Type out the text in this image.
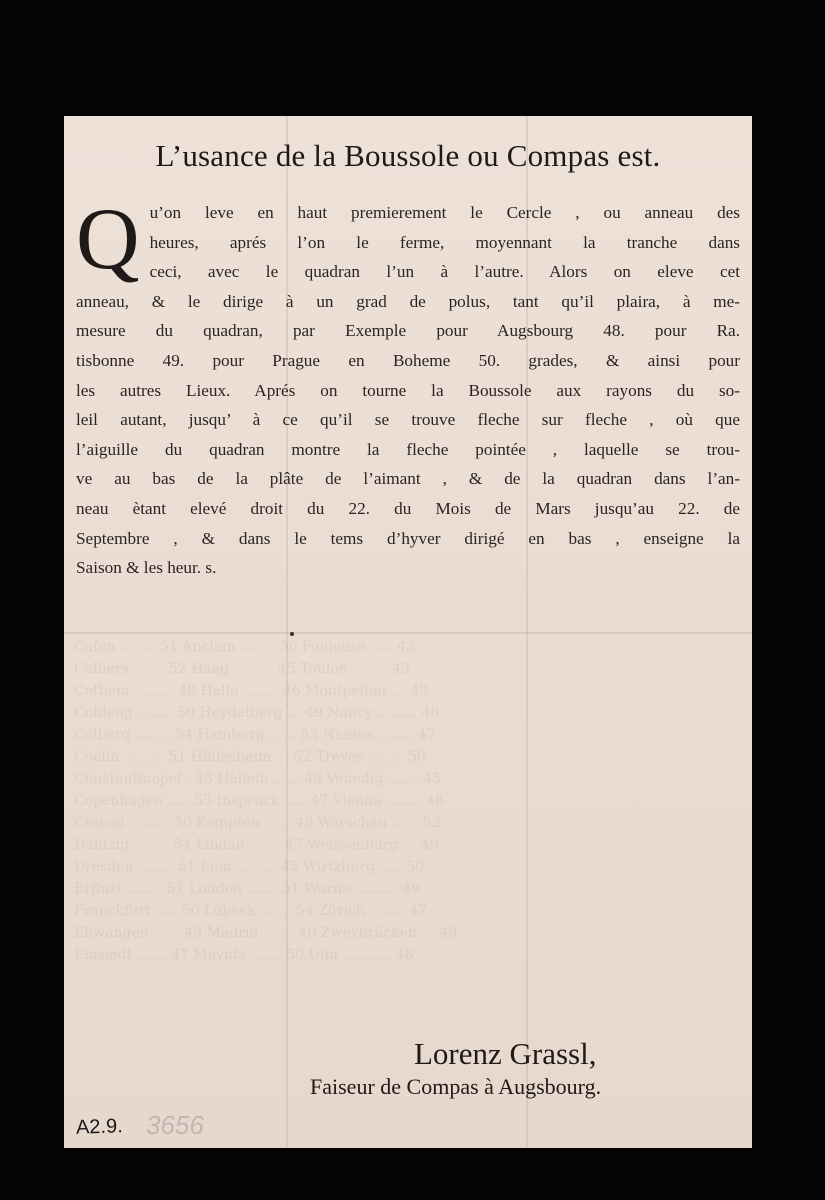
Cafen ........ 51 Anclam ........ 50 Foulouse ..... 43
Calliers ....... 52 Haag ......... 45 Toulon ........ 43
Cothem ......... 48 Halle ........ 46 Montpellier ... 43
Cobleng ........ 50 Heydelberg ... 49 Nancy ......... 48
Colberg ........ 54 Hamburg ...... 53 Nantes ........ 47
Coelln ......... 51 Hildesheim ... 52 Treves ........ 50
Constantinopel . 43 Hallein ...... 48 Venedig ....... 45
Copenhagen ..... 55 Inspruck ..... 47 Vienna ........ 48
Cracau ......... 50 Kempten ...... 48 Warschau ...... 52
Dantzig ........ 54 Lindau ....... 47 Weissenburg ... 49
Dresden ........ 51 Lion ......... 45 Wirtzburg ..... 50
Erffurt ........ 51 London ....... 51 Worms ......... 49
Franckfurt ..... 50 Lübeck ....... 54 Zürich ........ 47
Ellwangen ...... 49 Madrid ....... 40 Zweybrücken ... 49
Einsiedl ....... 47 Mayntz ....... 50 Ulm ........... 48
L’usance de la Boussole ou Compas est.
Q u’on leve en haut premierement le Cercle , ou anneau des
heures, aprés l’on le ferme, moyennant la tranche dans
ceci, avec le quadran l’un à l’autre. Alors on eleve cet
anneau, & le dirige à un grad de polus, tant qu’il plaira, à me-
mesure du quadran, par Exemple pour Augsbourg 48. pour Ra.
tisbonne 49. pour Prague en Boheme 50. grades, & ainsi pour
les autres Lieux. Aprés on tourne la Boussole aux rayons du so-
leil autant, jusqu’ à ce qu’il se trouve fleche sur fleche , où que
l’aiguille du quadran montre la fleche pointée , laquelle se trou-
ve au bas de la plâte de l’aimant , & de la quadran dans l’an-
neau ètant elevé droit du 22. du Mois de Mars jusqu’au 22. de
Septembre , & dans le tems d’hyver dirigé en bas , enseigne la
Saison & les heur. s.

Lorenz Grassl,

Faiseur de Compas à Augsbourg.

A2.9. 3656
